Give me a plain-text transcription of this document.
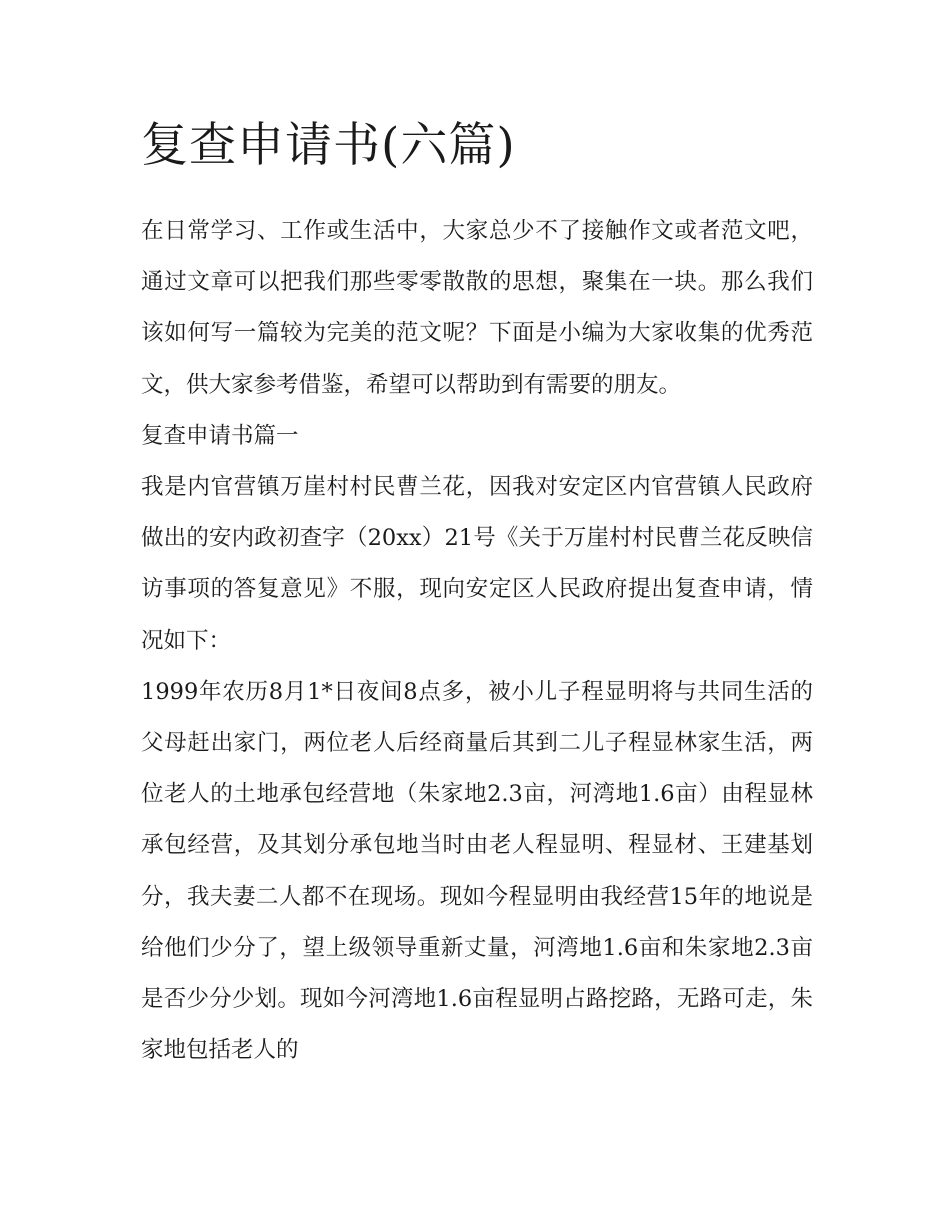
复查申请书(六篇)

在日常学习、工作或生活中，大家总少不了接触作文或者范文吧，通过文章可以把我们那些零零散散的思想，聚集在一块。那么我们该如何写一篇较为完美的范文呢？下面是小编为大家收集的优秀范文，供大家参考借鉴，希望可以帮助到有需要的朋友。

复查申请书篇一

我是内官营镇万崖村村民曹兰花，因我对安定区内官营镇人民政府做出的安内政初查字（20xx）21号《关于万崖村村民曹兰花反映信访事项的答复意见》不服，现向安定区人民政府提出复查申请，情况如下：

1999年农历8月1*日夜间8点多，被小儿子程显明将与共同生活的父母赶出家门，两位老人后经商量后其到二儿子程显林家生活，两位老人的土地承包经营地（朱家地2.3亩，河湾地1.6亩）由程显林承包经营，及其划分承包地当时由老人程显明、程显材、王建基划分，我夫妻二人都不在现场。现如今程显明由我经营15年的地说是给他们少分了，望上级领导重新丈量，河湾地1.6亩和朱家地2.3亩是否少分少划。现如今河湾地1.6亩程显明占路挖路，无路可走，朱家地包括老人的
